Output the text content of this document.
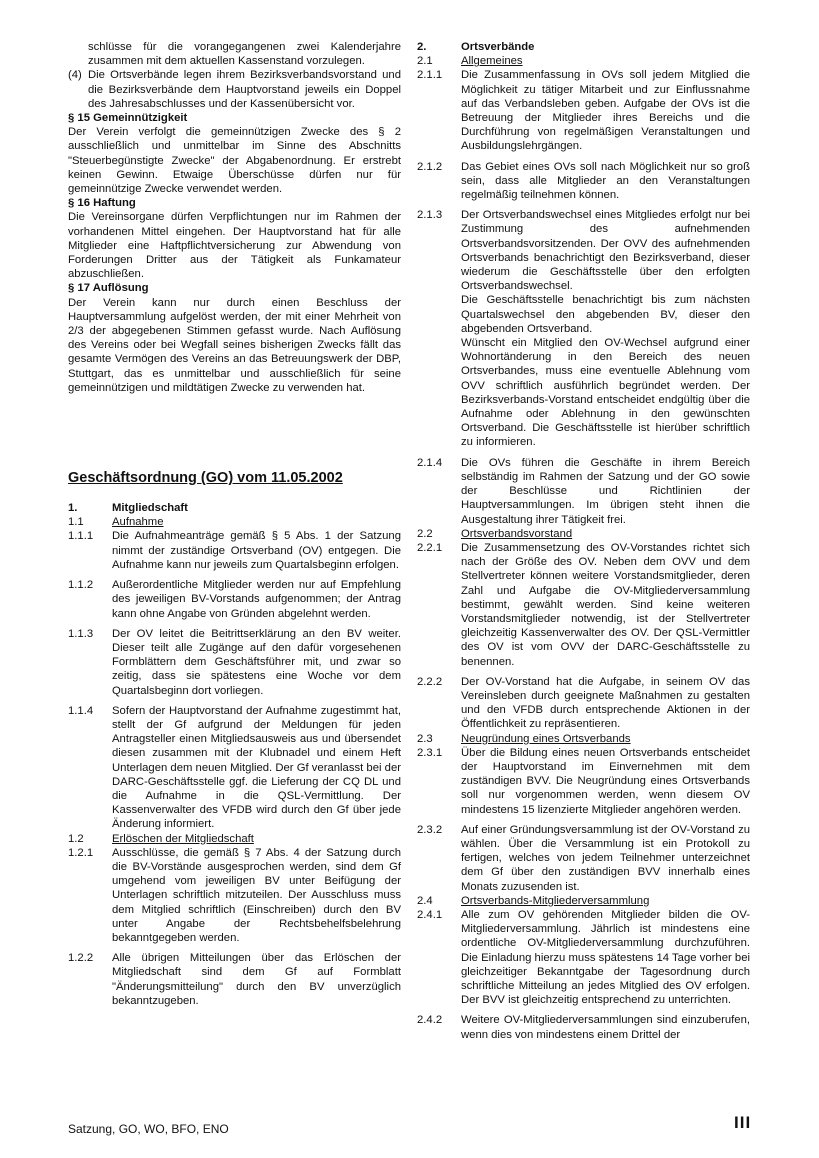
schlüsse für die vorangegangenen zwei Kalenderjahre zusammen mit dem aktuellen Kassenstand vorzulegen.

(4) Die Ortsverbände legen ihrem Bezirksverbandsvorstand und die Bezirksverbände dem Hauptvorstand jeweils ein Doppel des Jahresabschlusses und der Kassenübersicht vor.

§ 15 Gemeinnützigkeit

Der Verein verfolgt die gemeinnützigen Zwecke des § 2 ausschließlich und unmittelbar im Sinne des Abschnitts "Steuerbegünstigte Zwecke" der Abgabenordnung. Er erstrebt keinen Gewinn. Etwaige Überschüsse dürfen nur für gemeinnützige Zwecke verwendet werden.

§ 16 Haftung

Die Vereinsorgane dürfen Verpflichtungen nur im Rahmen der vorhandenen Mittel eingehen. Der Hauptvorstand hat für alle Mitglieder eine Haftpflichtversicherung zur Abwendung von Forderungen Dritter aus der Tätigkeit als Funkamateur abzuschließen.

§ 17 Auflösung

Der Verein kann nur durch einen Beschluss der Hauptversammlung aufgelöst werden, der mit einer Mehrheit von 2/3 der abgegebenen Stimmen gefasst wurde. Nach Auflösung des Vereins oder bei Wegfall seines bisherigen Zwecks fällt das gesamte Vermögen des Vereins an das Betreuungswerk der DBP, Stuttgart, das es unmittelbar und ausschließlich für seine gemeinnützigen und mildtätigen Zwecke zu verwenden hat.

Geschäftsordnung (GO) vom 11.05.2002
1.	Mitgliedschaft
1.1	Aufnahme
1.1.1	Die Aufnahmeanträge gemäß § 5 Abs. 1 der Satzung nimmt der zuständige Ortsverband (OV) entgegen. Die Aufnahme kann nur jeweils zum Quartalsbeginn erfolgen.
1.1.2	Außerordentliche Mitglieder werden nur auf Empfehlung des jeweiligen BV-Vorstands aufgenommen; der Antrag kann ohne Angabe von Gründen abgelehnt werden.
1.1.3	Der OV leitet die Beitrittserklärung an den BV weiter. Dieser teilt alle Zugänge auf den dafür vorgesehenen Formblättern dem Geschäftsführer mit, und zwar so zeitig, dass sie spätestens eine Woche vor dem Quartalsbeginn dort vorliegen.
1.1.4	Sofern der Hauptvorstand der Aufnahme zugestimmt hat, stellt der Gf aufgrund der Meldungen für jeden Antragsteller einen Mitgliedsausweis aus und übersendet diesen zusammen mit der Klubnadel und einem Heft Unterlagen dem neuen Mitglied. Der Gf veranlasst bei der DARC-Geschäftsstelle ggf. die Lieferung der CQ DL und die Aufnahme in die QSL-Vermittlung. Der Kassenverwalter des VFDB wird durch den Gf über jede Änderung informiert.
1.2	Erlöschen der Mitgliedschaft
1.2.1	Ausschlüsse, die gemäß § 7 Abs. 4 der Satzung durch die BV-Vorstände ausgesprochen werden, sind dem Gf umgehend vom jeweiligen BV unter Beifügung der Unterlagen schriftlich mitzuteilen. Der Ausschluss muss dem Mitglied schriftlich (Einschreiben) durch den BV unter Angabe der Rechtsbehelfsbelehrung bekanntgegeben werden.
1.2.2	Alle übrigen Mitteilungen über das Erlöschen der Mitgliedschaft sind dem Gf auf Formblatt "Änderungsmitteilung" durch den BV unverzüglich bekanntzugeben.
2.	Ortsverbände
2.1	Allgemeines
2.1.1	Die Zusammenfassung in OVs soll jedem Mitglied die Möglichkeit zu tätiger Mitarbeit und zur Einflussnahme auf das Verbandsleben geben. Aufgabe der OVs ist die Betreuung der Mitglieder ihres Bereichs und die Durchführung von regelmäßigen Veranstaltungen und Ausbildungslehrgängen.
2.1.2	Das Gebiet eines OVs soll nach Möglichkeit nur so groß sein, dass alle Mitglieder an den Veranstaltungen regelmäßig teilnehmen können.
2.1.3	Der Ortsverbandswechsel eines Mitgliedes erfolgt nur bei Zustimmung des aufnehmenden Ortsverbandsvorsitzenden. Der OVV des aufnehmenden Ortsverbands benachrichtigt den Bezirksverband, dieser wiederum die Geschäftsstelle über den erfolgten Ortsverbandswechsel.
Die Geschäftsstelle benachrichtigt bis zum nächsten Quartalswechsel den abgebenden BV, dieser den abgebenden Ortsverband.
Wünscht ein Mitglied den OV-Wechsel aufgrund einer Wohnortänderung in den Bereich des neuen Ortsverbandes, muss eine eventuelle Ablehnung vom OVV schriftlich ausführlich begründet werden. Der Bezirksverbands-Vorstand entscheidet endgültig über die Aufnahme oder Ablehnung in den gewünschten Ortsverband. Die Geschäftsstelle ist hierüber schriftlich zu informieren.
2.1.4	Die OVs führen die Geschäfte in ihrem Bereich selbständig im Rahmen der Satzung und der GO sowie der Beschlüsse und Richtlinien der Hauptversammlungen. Im übrigen steht ihnen die Ausgestaltung ihrer Tätigkeit frei.
2.2	Ortsverbandsvorstand
2.2.1	Die Zusammensetzung des OV-Vorstandes richtet sich nach der Größe des OV. Neben dem OVV und dem Stellvertreter können weitere Vorstandsmitglieder, deren Zahl und Aufgabe die OV-Mitgliederversammlung bestimmt, gewählt werden. Sind keine weiteren Vorstandsmitglieder notwendig, ist der Stellvertreter gleichzeitig Kassenverwalter des OV. Der QSL-Vermittler des OV ist vom OVV der DARC-Geschäftsstelle zu benennen.
2.2.2	Der OV-Vorstand hat die Aufgabe, in seinem OV das Vereinsleben durch geeignete Maßnahmen zu gestalten und den VFDB durch entsprechende Aktionen in der Öffentlichkeit zu repräsentieren.
2.3	Neugründung eines Ortsverbands
2.3.1	Über die Bildung eines neuen Ortsverbands entscheidet der Hauptvorstand im Einvernehmen mit dem zuständigen BVV. Die Neugründung eines Ortsverbands soll nur vorgenommen werden, wenn diesem OV mindestens 15 lizenzierte Mitglieder angehören werden.
2.3.2	Auf einer Gründungsversammlung ist der OV-Vorstand zu wählen. Über die Versammlung ist ein Protokoll zu fertigen, welches von jedem Teilnehmer unterzeichnet dem Gf über den zuständigen BVV innerhalb eines Monats zuzusenden ist.
2.4	Ortsverbands-Mitgliederversammlung
2.4.1	Alle zum OV gehörenden Mitglieder bilden die OV-Mitgliederversammlung. Jährlich ist mindestens eine ordentliche OV-Mitgliederversammlung durchzuführen. Die Einladung hierzu muss spätestens 14 Tage vorher bei gleichzeitiger Bekanntgabe der Tagesordnung durch schriftliche Mitteilung an jedes Mitglied des OV erfolgen. Der BVV ist gleichzeitig entsprechend zu unterrichten.
2.4.2	Weitere OV-Mitgliederversammlungen sind einzuberufen, wenn dies von mindestens einem Drittel der
Satzung, GO, WO, BFO, ENO	III
